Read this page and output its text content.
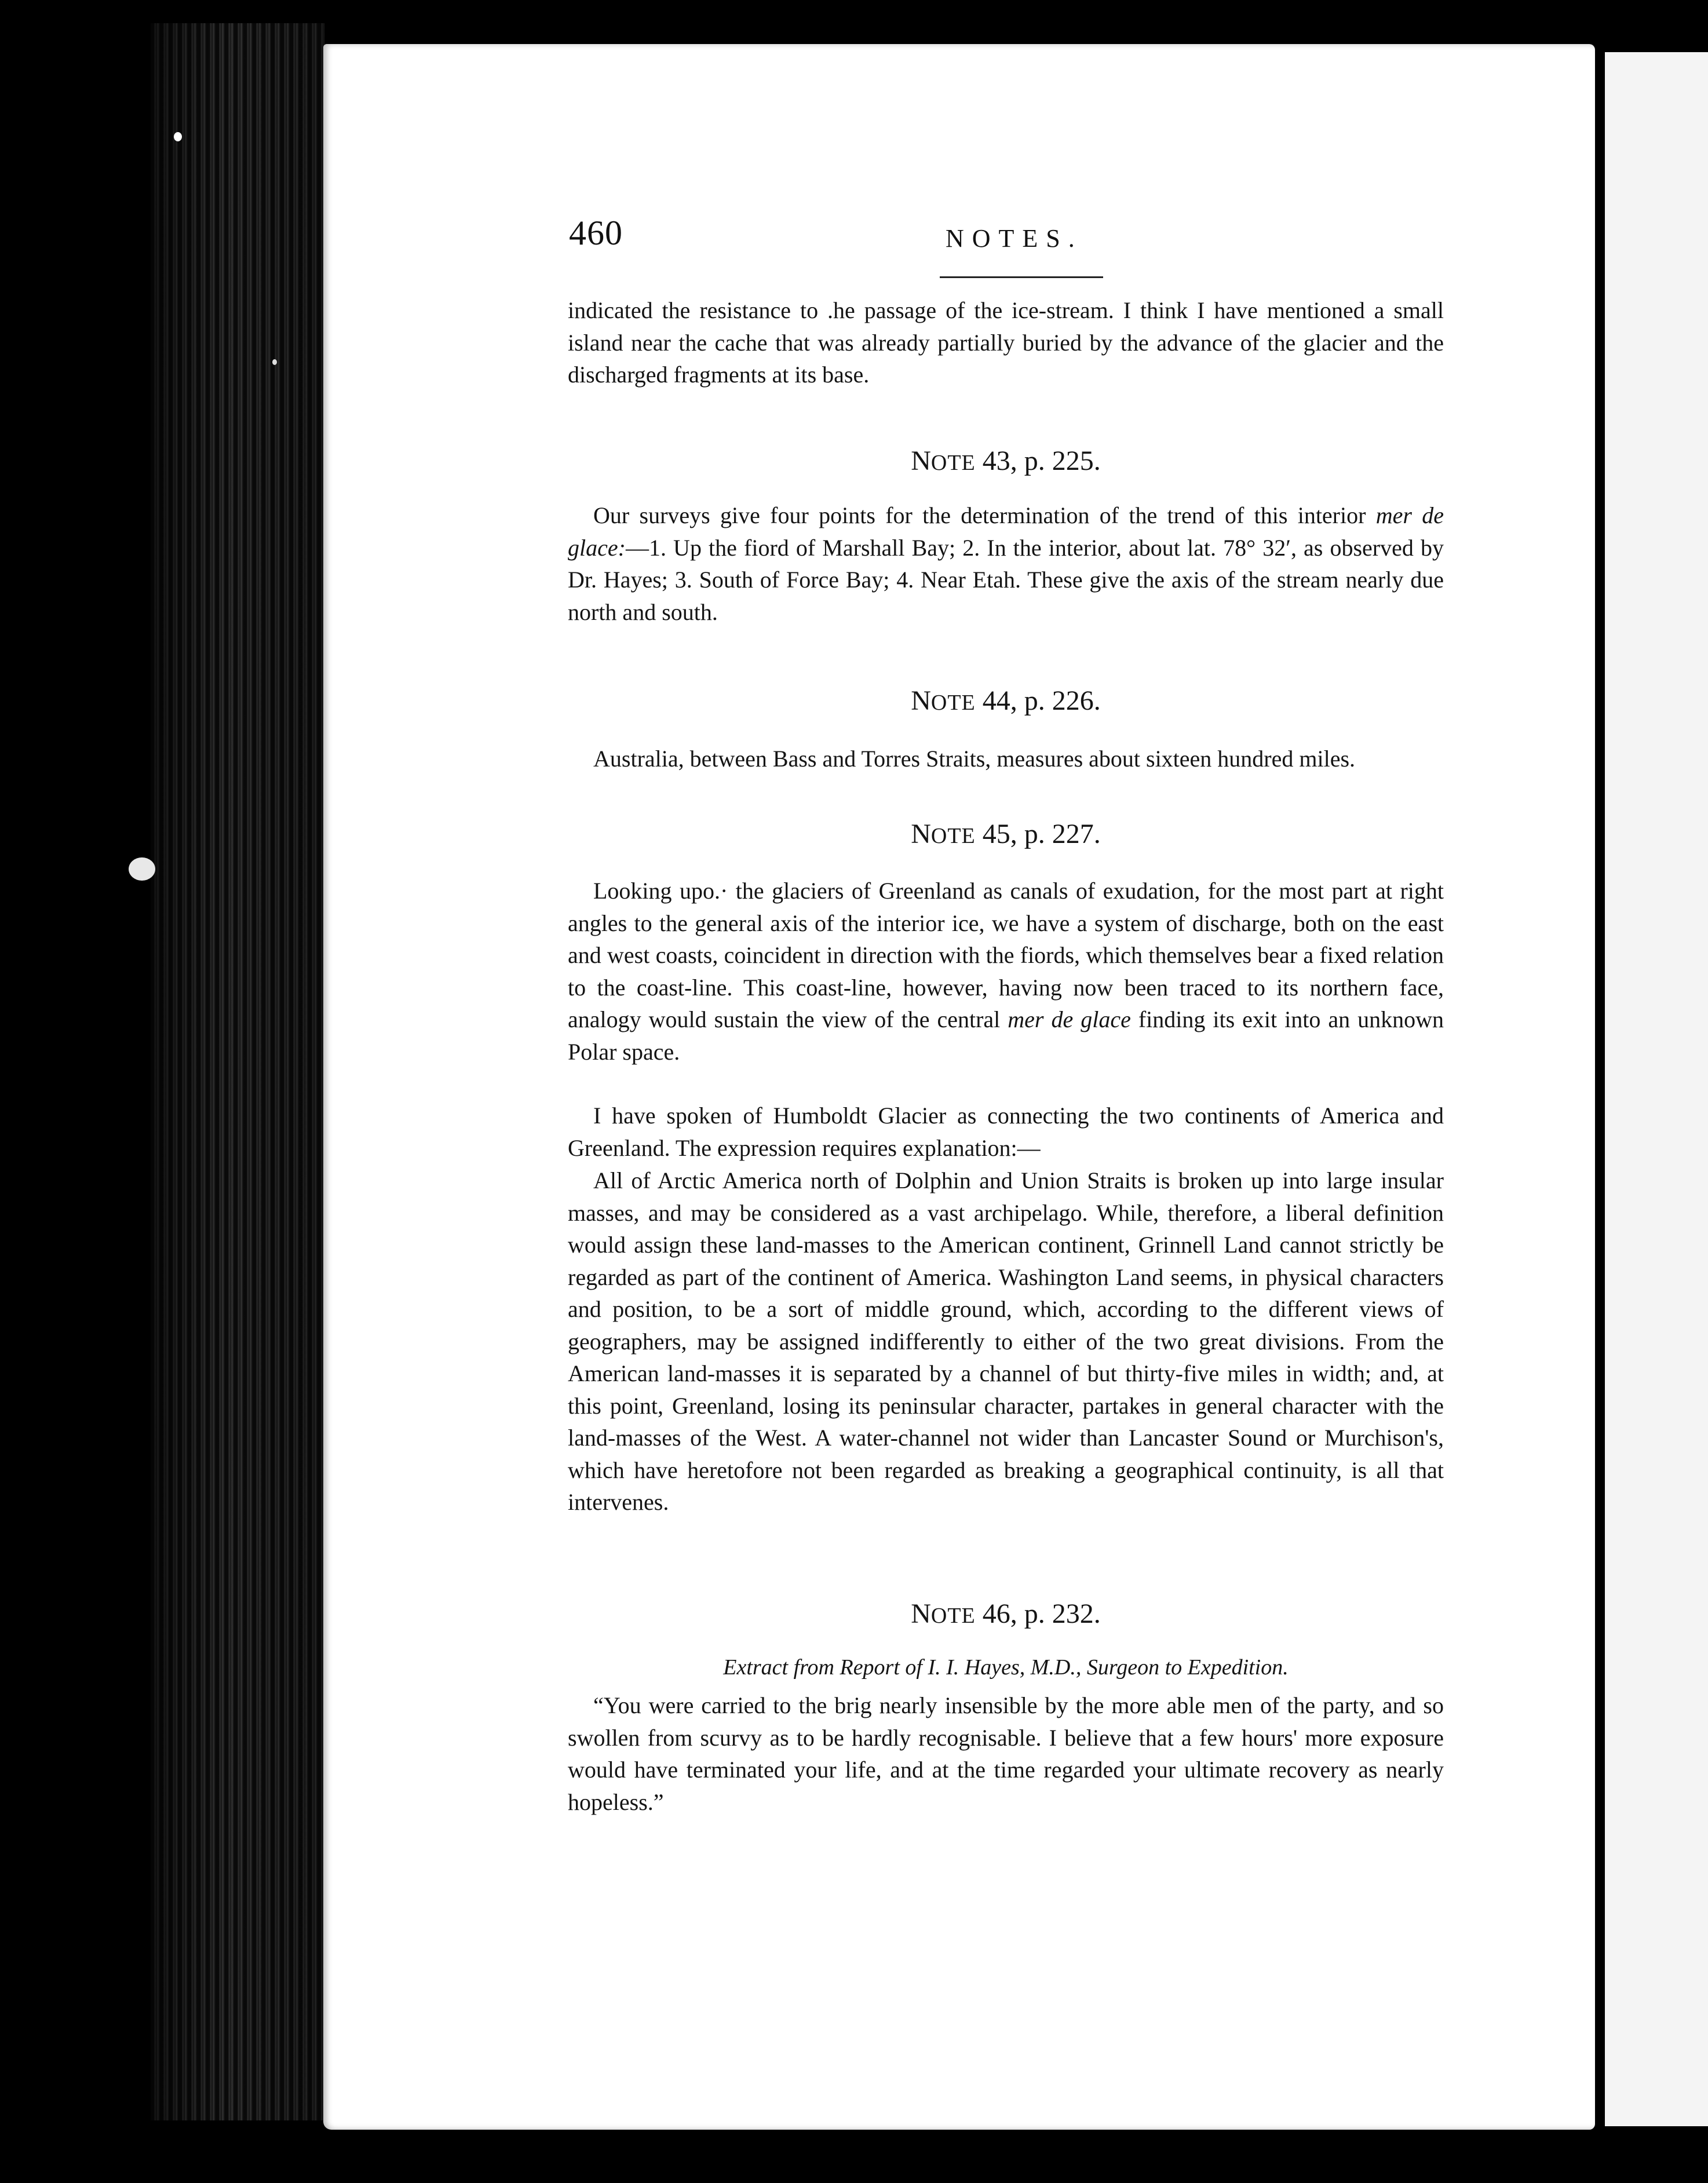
460	NOTES.

indicated the resistance to .he passage of the ice-stream. I think I have mentioned a small island near the cache that was already partially buried by the advance of the glacier and the discharged fragments at its base.

NOTE 43, p. 225.

Our surveys give four points for the determination of the trend of this interior mer de glace:—1. Up the fiord of Marshall Bay; 2. In the interior, about lat. 78° 32′, as observed by Dr. Hayes; 3. South of Force Bay; 4. Near Etah. These give the axis of the stream nearly due north and south.

NOTE 44, p. 226.

Australia, between Bass and Torres Straits, measures about sixteen hundred miles.

NOTE 45, p. 227.

Looking upo.· the glaciers of Greenland as canals of exudation, for the most part at right angles to the general axis of the interior ice, we have a system of discharge, both on the east and west coasts, coincident in direction with the fiords, which themselves bear a fixed relation to the coast-line. This coast-line, however, having now been traced to its northern face, analogy would sustain the view of the central mer de glace finding its exit into an unknown Polar space.

I have spoken of Humboldt Glacier as connecting the two continents of America and Greenland. The expression requires explanation:—

All of Arctic America north of Dolphin and Union Straits is broken up into large insular masses, and may be considered as a vast archipelago. While, therefore, a liberal definition would assign these land-masses to the American continent, Grinnell Land cannot strictly be regarded as part of the continent of America. Washington Land seems, in physical characters and position, to be a sort of middle ground, which, according to the different views of geographers, may be assigned indifferently to either of the two great divisions. From the American land-masses it is separated by a channel of but thirty-five miles in width; and, at this point, Greenland, losing its peninsular character, partakes in general character with the land-masses of the West. A water-channel not wider than Lancaster Sound or Murchison's, which have heretofore not been regarded as breaking a geographical continuity, is all that intervenes.

NOTE 46, p. 232.

Extract from Report of I. I. Hayes, M.D., Surgeon to Expedition.

“You were carried to the brig nearly insensible by the more able men of the party, and so swollen from scurvy as to be hardly recognisable. I believe that a few hours' more exposure would have terminated your life, and at the time regarded your ultimate recovery as nearly hopeless.”
